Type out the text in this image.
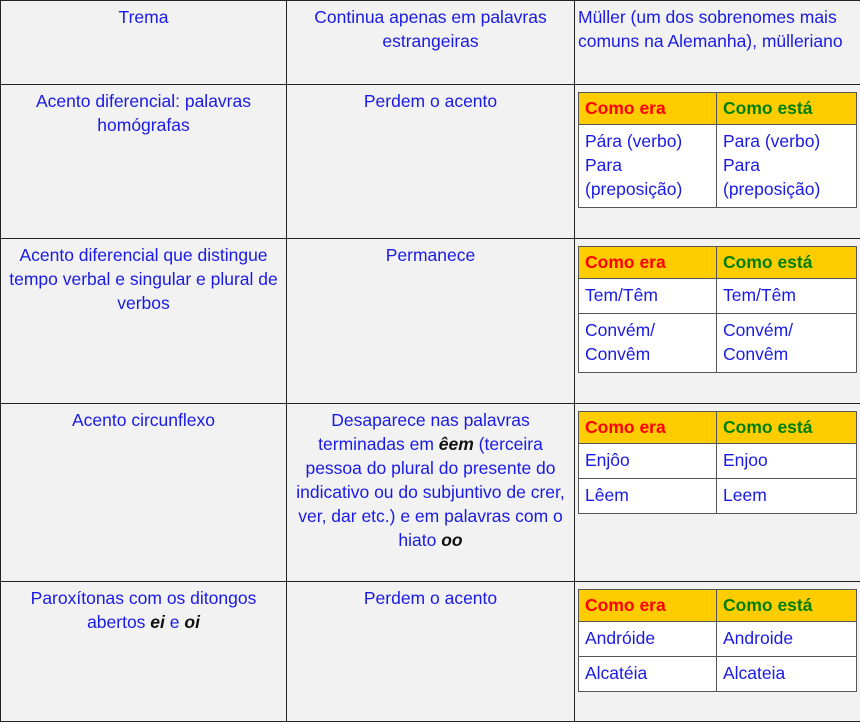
Trema	Continua apenas em palavras estrangeiras	Müller (um dos sobrenomes mais comuns na Alemanha), mülleriano
Acento diferencial: palavras homógrafas	Perdem o acento		Como era	Como está
Pára (verbo) Para (preposição)	Para (verbo) Para (preposição)

Acento diferencial que distingue tempo verbal e singular e plural de verbos	Permanece		Como era	Como está
Tem/Têm	Tem/Têm
Convém/ Convêm	Convém/ Convêm

Acento circunflexo	Desaparece nas palavras terminadas em êem (terceira pessoa do plural do presente do indicativo ou do subjuntivo de crer, ver, dar etc.) e em palavras com o hiato oo	
Como era	Como está
Enjôo	Enjoo
Lêem	Leem

Paroxítonas com os ditongos abertos ei e oi	Perdem o acento		Como era	Como está
Andróide	Androide
Alcatéia	Alcateia
